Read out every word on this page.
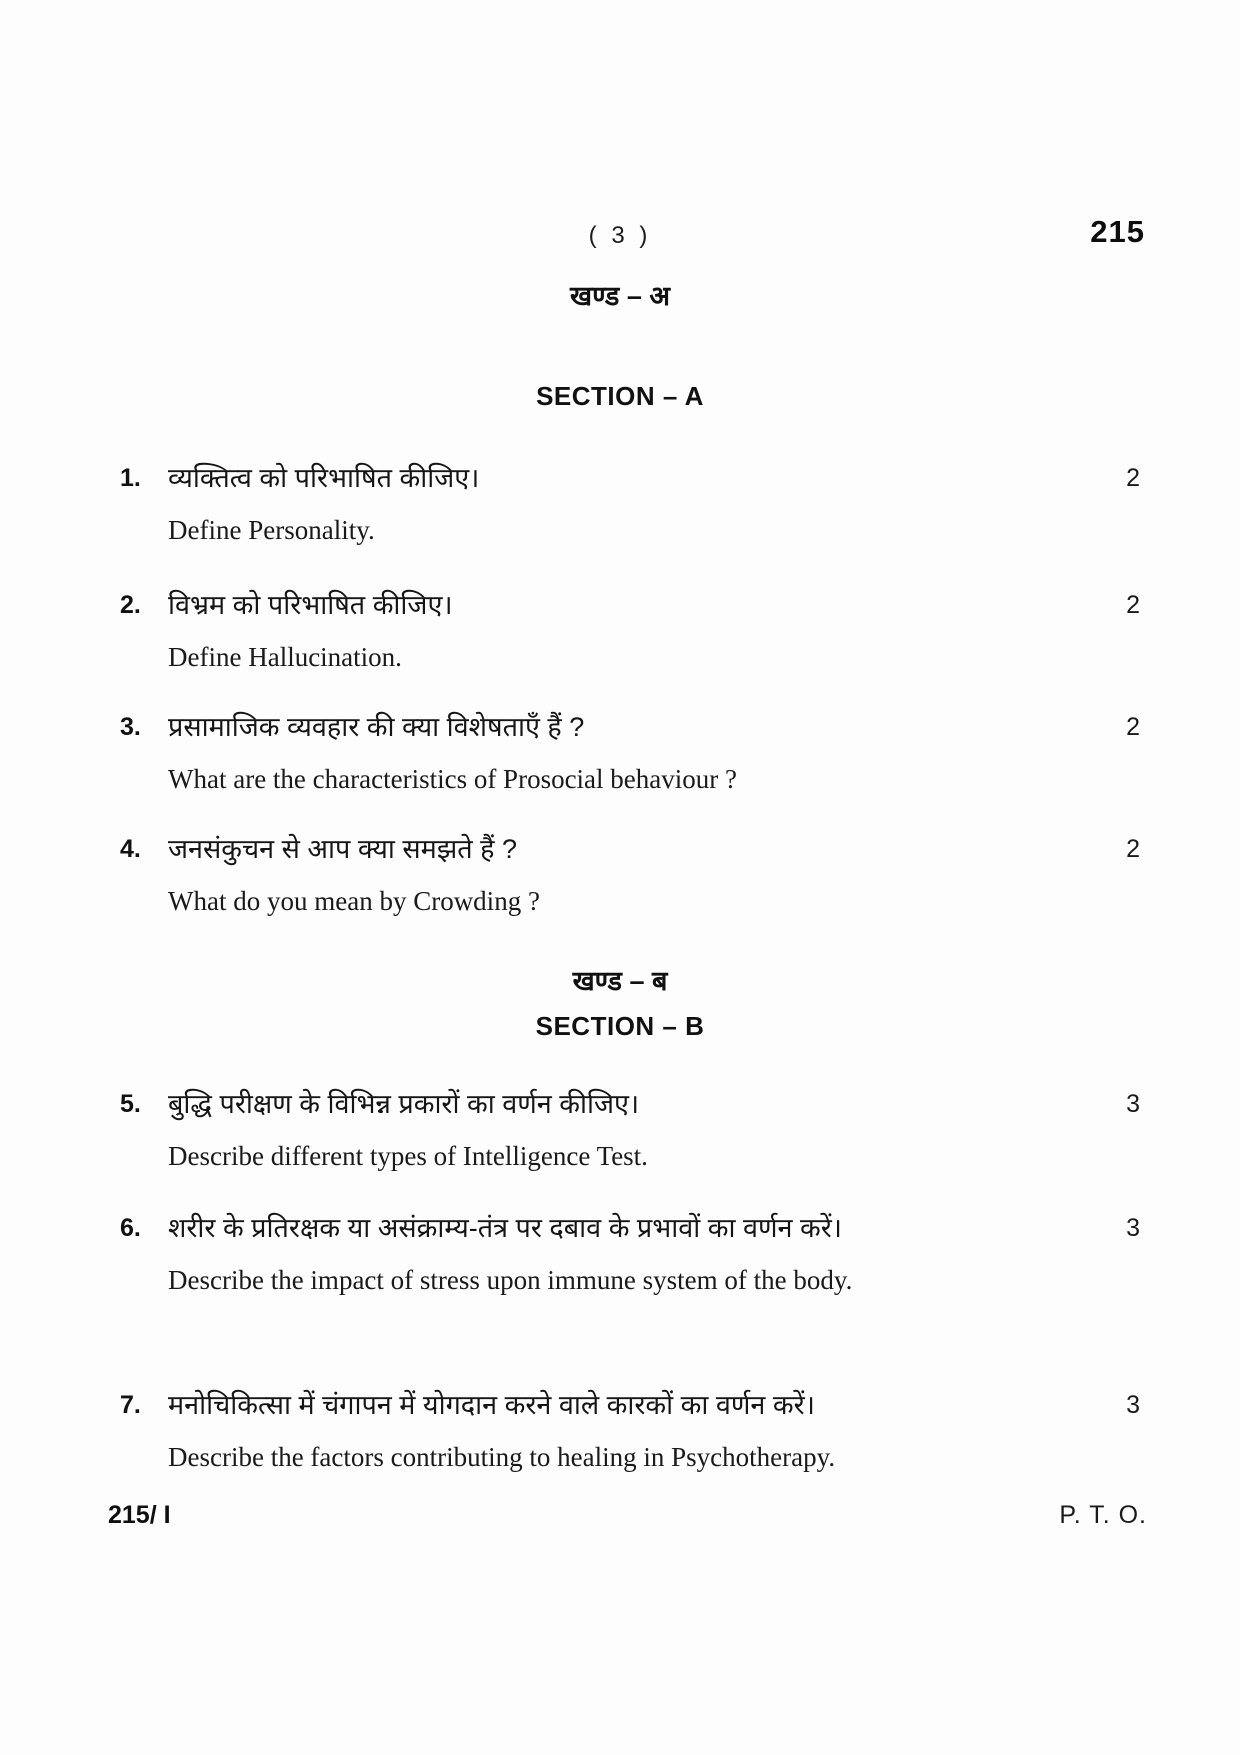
( 3 )	215
खण्ड – अ
SECTION – A
1.	व्यक्तित्व को परिभाषित कीजिए।	2
Define Personality.
2.	विभ्रम को परिभाषित कीजिए।	2
Define Hallucination.
3.	प्रसामाजिक व्यवहार की क्या विशेषताएँ हैं ?	2
What are the characteristics of Prosocial behaviour ?
4.	जनसंकुचन से आप क्या समझते हैं ?	2
What do you mean by Crowding ?
खण्ड – ब
SECTION – B
5.	बुद्धि परीक्षण के विभिन्न प्रकारों का वर्णन कीजिए।	3
Describe different types of Intelligence Test.
6.	शरीर के प्रतिरक्षक या असंक्राम्य-तंत्र पर दबाव के प्रभावों का वर्णन करें।	3
Describe the impact of stress upon immune system of the body.
7.	मनोचिकित्सा में चंगापन में योगदान करने वाले कारकों का वर्णन करें।	3
Describe the factors contributing to healing in Psychotherapy.
215/ I	P. T. O.
